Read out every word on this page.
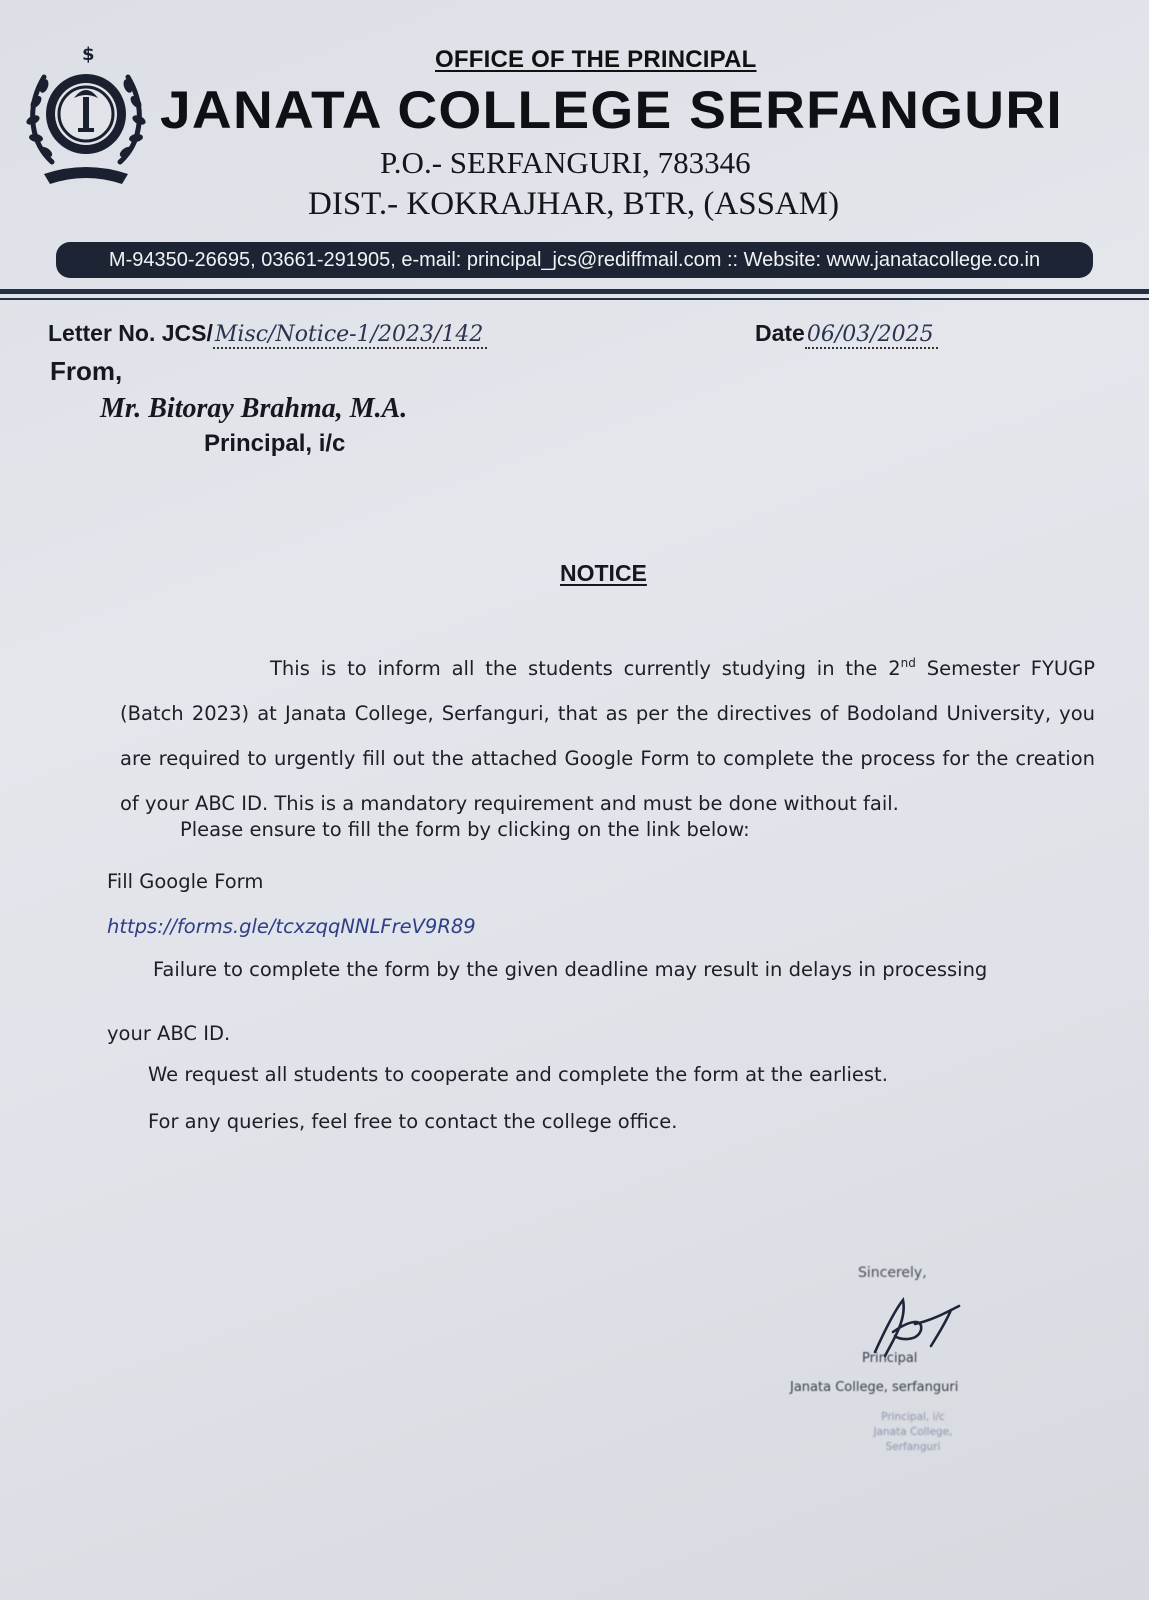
$	OFFICE OF THE PRINCIPAL
JANATA COLLEGE SERFANGURI
P.O.- SERFANGURI, 783346
DIST.- KOKRAJHAR, BTR, (ASSAM)
M-94350-26695, 03661-291905, e-mail: principal_jcs@rediffmail.com :: Website: www.janatacollege.co.in
Letter No. JCS/Misc/Notice-1/2023/142	Date06/03/2025
From,
Mr. Bitoray Brahma, M.A.
Principal, i/c
NOTICE
This is to inform all the students currently studying in the 2nd Semester FYUGP (Batch 2023) at Janata College, Serfanguri, that as per the directives of Bodoland University, you are required to urgently fill out the attached Google Form to complete the process for the creation of your ABC ID. This is a mandatory requirement and must be done without fail.
Please ensure to fill the form by clicking on the link below:
Fill Google Form
https://forms.gle/tcxzqqNNLFreV9R89
Failure to complete the form by the given deadline may result in delays in processing
your ABC ID.
We request all students to cooperate and complete the form at the earliest.
For any queries, feel free to contact the college office.
Sincerely,
Principal
Janata College, serfanguri
Principal, i/c
Janata College,
Serfanguri
